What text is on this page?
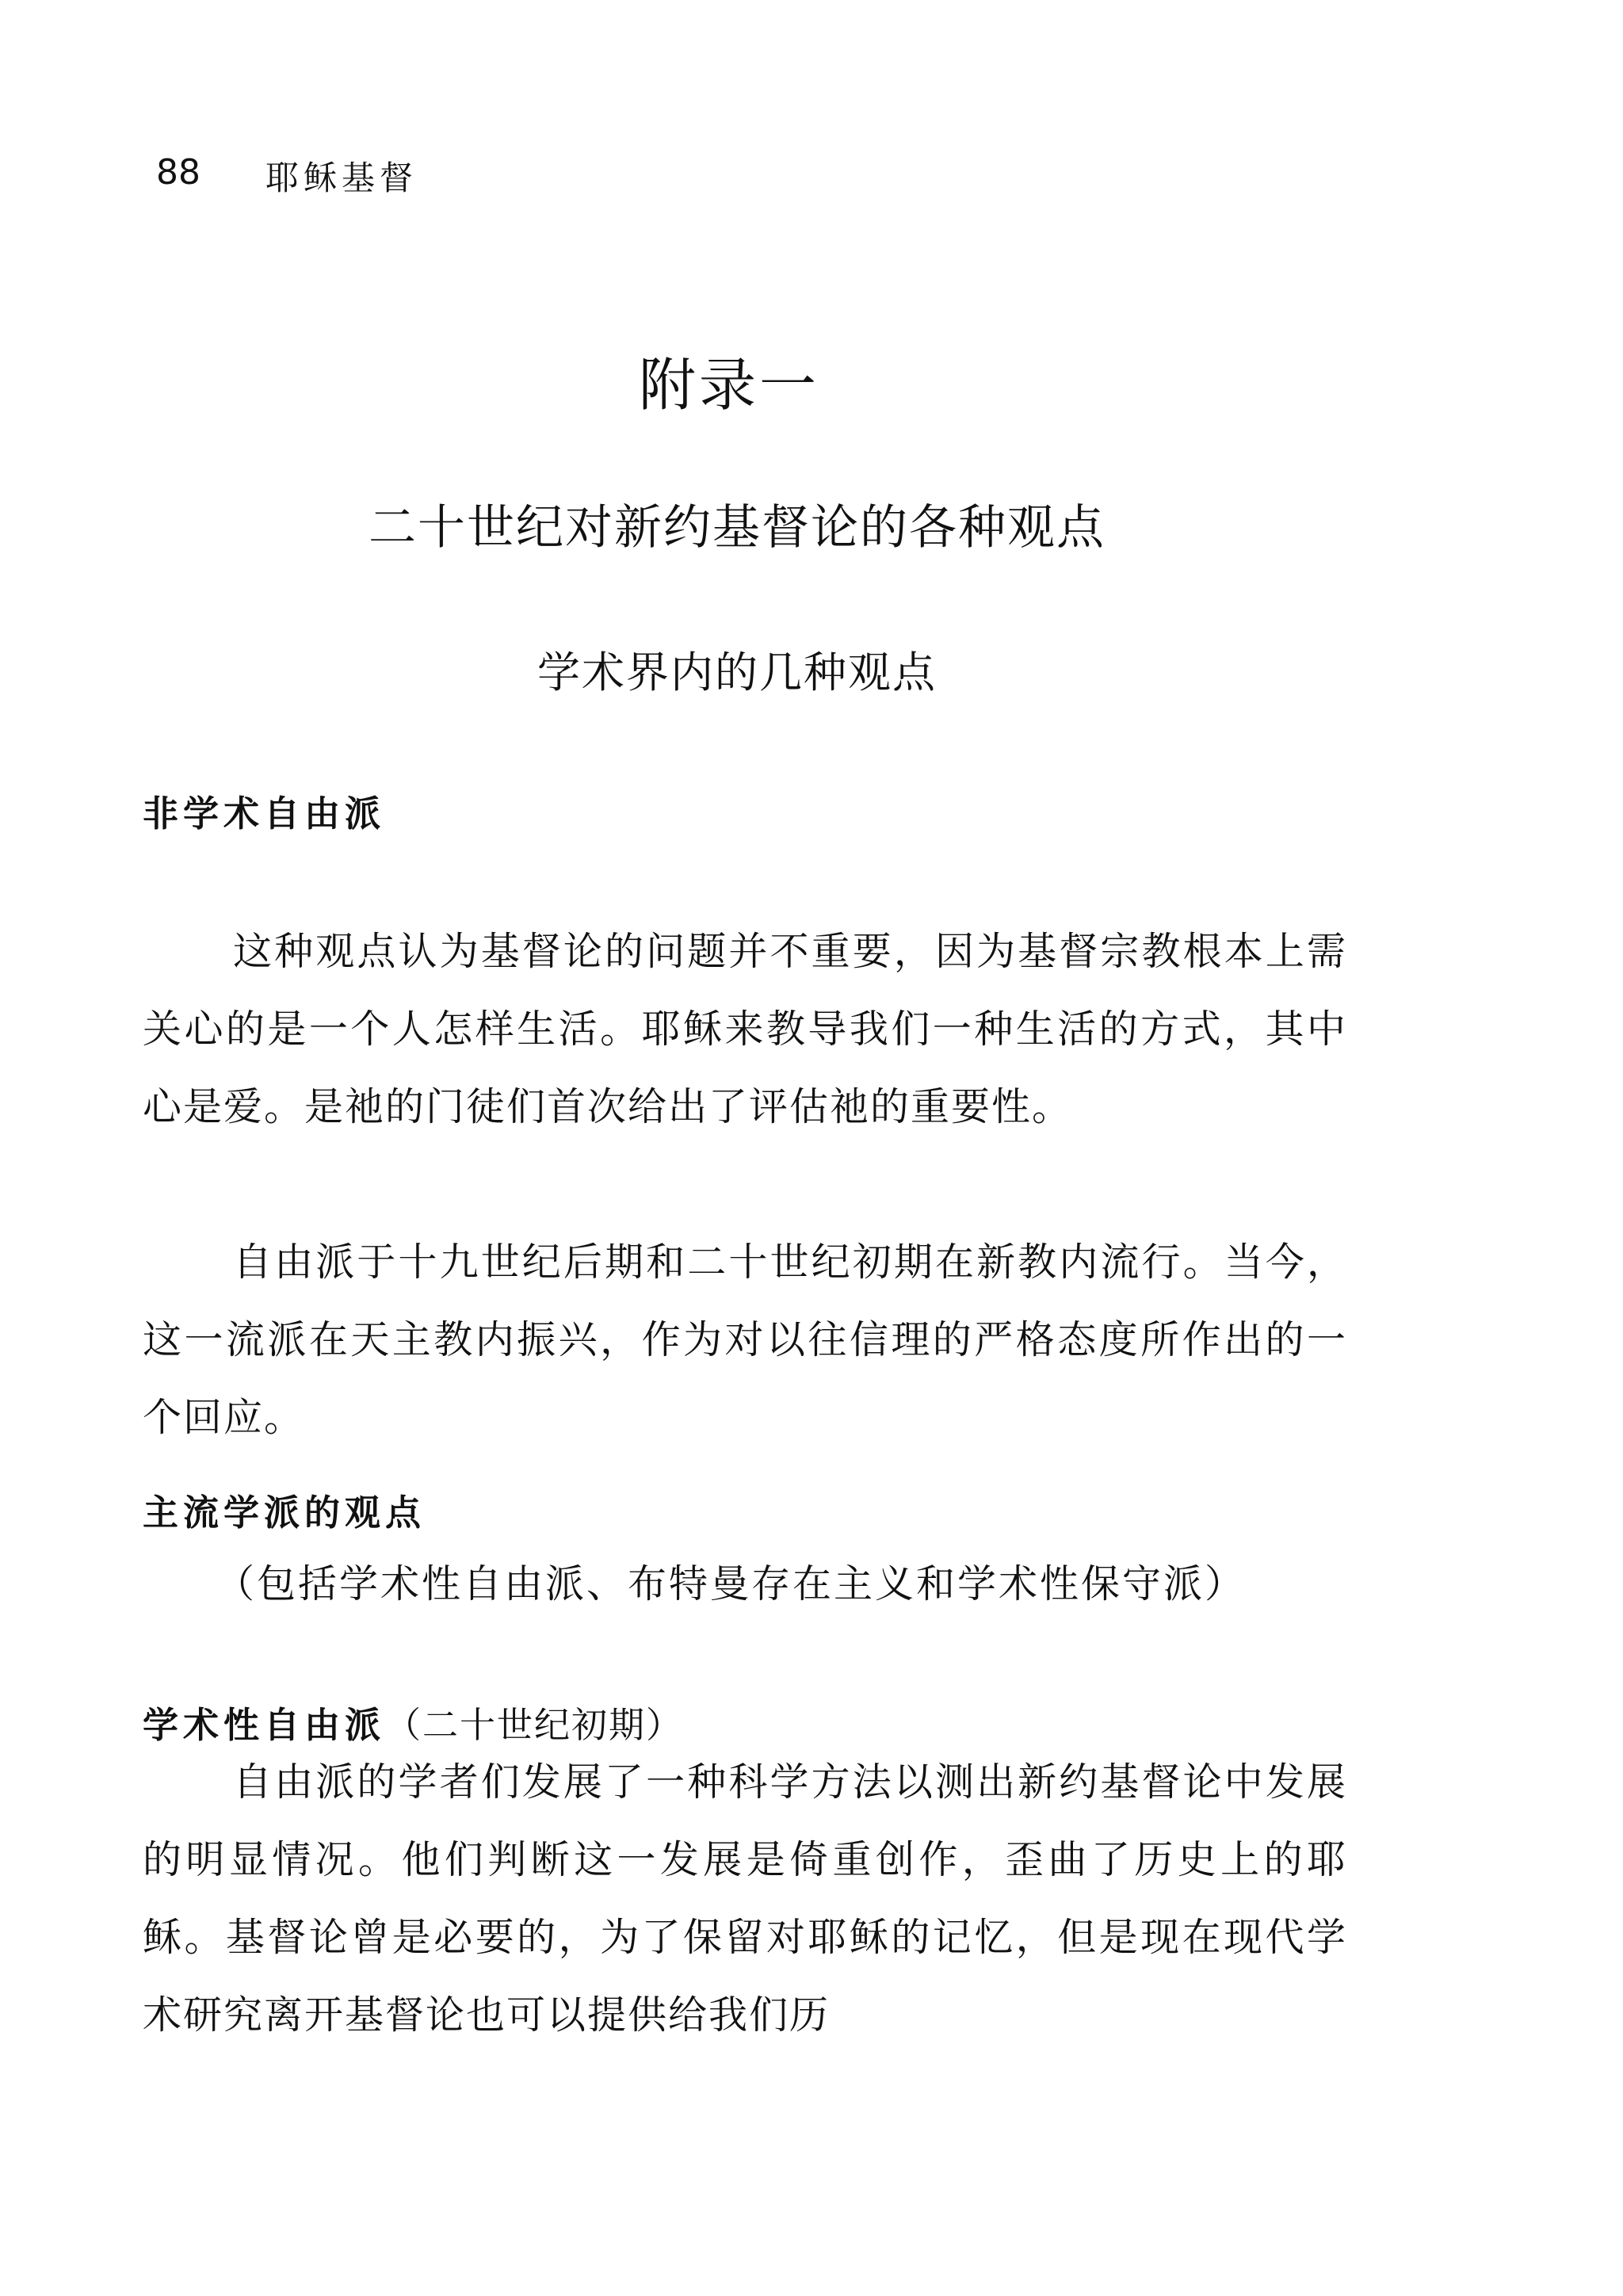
88 耶稣基督
附录一
二十世纪对新约基督论的各种观点
学术界内的几种观点
非学术自由派

这种观点认为基督论的问题并不重要，因为基督宗教根本上需关心的是一个人怎样生活。耶稣来教导我们一种生活的方式，其中心是爱。是祂的门徒们首次给出了评估祂的重要性。

自由派于十九世纪后期和二十世纪初期在新教内流行。当今，这一流派在天主教内振兴，作为对以往信理的严格态度所作出的一个回应。

主流学派的观点
（包括学术性自由派、布特曼存在主义和学术性保守派）
学术性自由派（二十世纪初期）

自由派的学者们发展了一种科学方法以测出新约基督论中发展的明显情况。他们判断这一发展是倚重创作，歪曲了历史上的耶稣。基督论曾是必要的，为了保留对耶稣的记忆，但是现在现代学术研究离开基督论也可以提供给我们历
